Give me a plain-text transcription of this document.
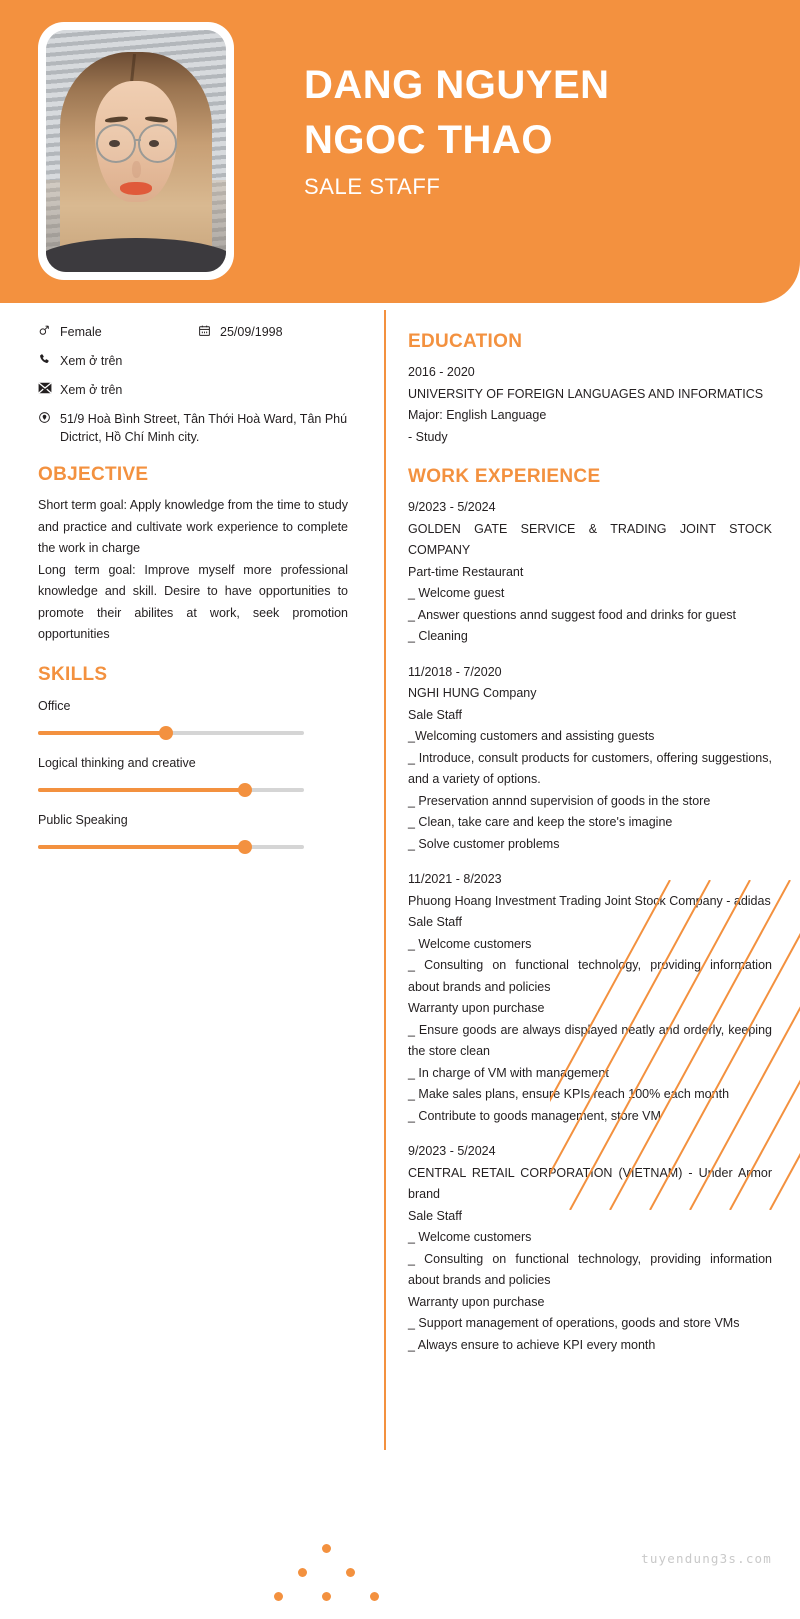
DANG NGUYEN
NGOC THAO
SALE STAFF
Female	25/09/1998
Xem ở trên
Xem ở trên
51/9 Hoà Bình Street, Tân Thới Hoà Ward, Tân Phú Dictrict, Hồ Chí Minh city.
OBJECTIVE

Short term goal: Apply knowledge from the time to study and practice and cultivate work experience to complete the work in charge

Long term goal: Improve myself more professional knowledge and skill. Desire to have opportunities to promote their abilites at work, seek promotion opportunities

SKILLS
Office
Logical thinking and creative
Public Speaking
EDUCATION
2016 - 2020
UNIVERSITY OF FOREIGN LANGUAGES AND INFORMATICS
Major: English Language
- Study
WORK EXPERIENCE
9/2023 - 5/2024
GOLDEN GATE SERVICE & TRADING JOINT STOCK COMPANY
Part-time Restaurant
_ Welcome guest
_ Answer questions annd suggest food and drinks for guest
_ Cleaning
11/2018 - 7/2020
NGHI HUNG Company
Sale Staff
_Welcoming customers and assisting guests
_ Introduce, consult products for customers, offering suggestions, and a variety of options.
_ Preservation annnd supervision of goods in the store
_ Clean, take care and keep the store's imagine
_ Solve customer problems
11/2021 - 8/2023
Phuong Hoang Investment Trading Joint Stock Company - adidas
Sale Staff
_ Welcome customers
_ Consulting on functional technology, providing information about brands and policies
Warranty upon purchase
_ Ensure goods are always displayed neatly and orderly, keeping the store clean
_ In charge of VM with management
_ Make sales plans, ensure KPIs reach 100% each month
_ Contribute to goods management, store VM
9/2023 - 5/2024
CENTRAL RETAIL CORPORATION (VIETNAM) - Under Armor brand
Sale Staff
_ Welcome customers
_ Consulting on functional technology, providing information about brands and policies
Warranty upon purchase
_ Support management of operations, goods and store VMs
_ Always ensure to achieve KPI every month
tuyendung3s.com
